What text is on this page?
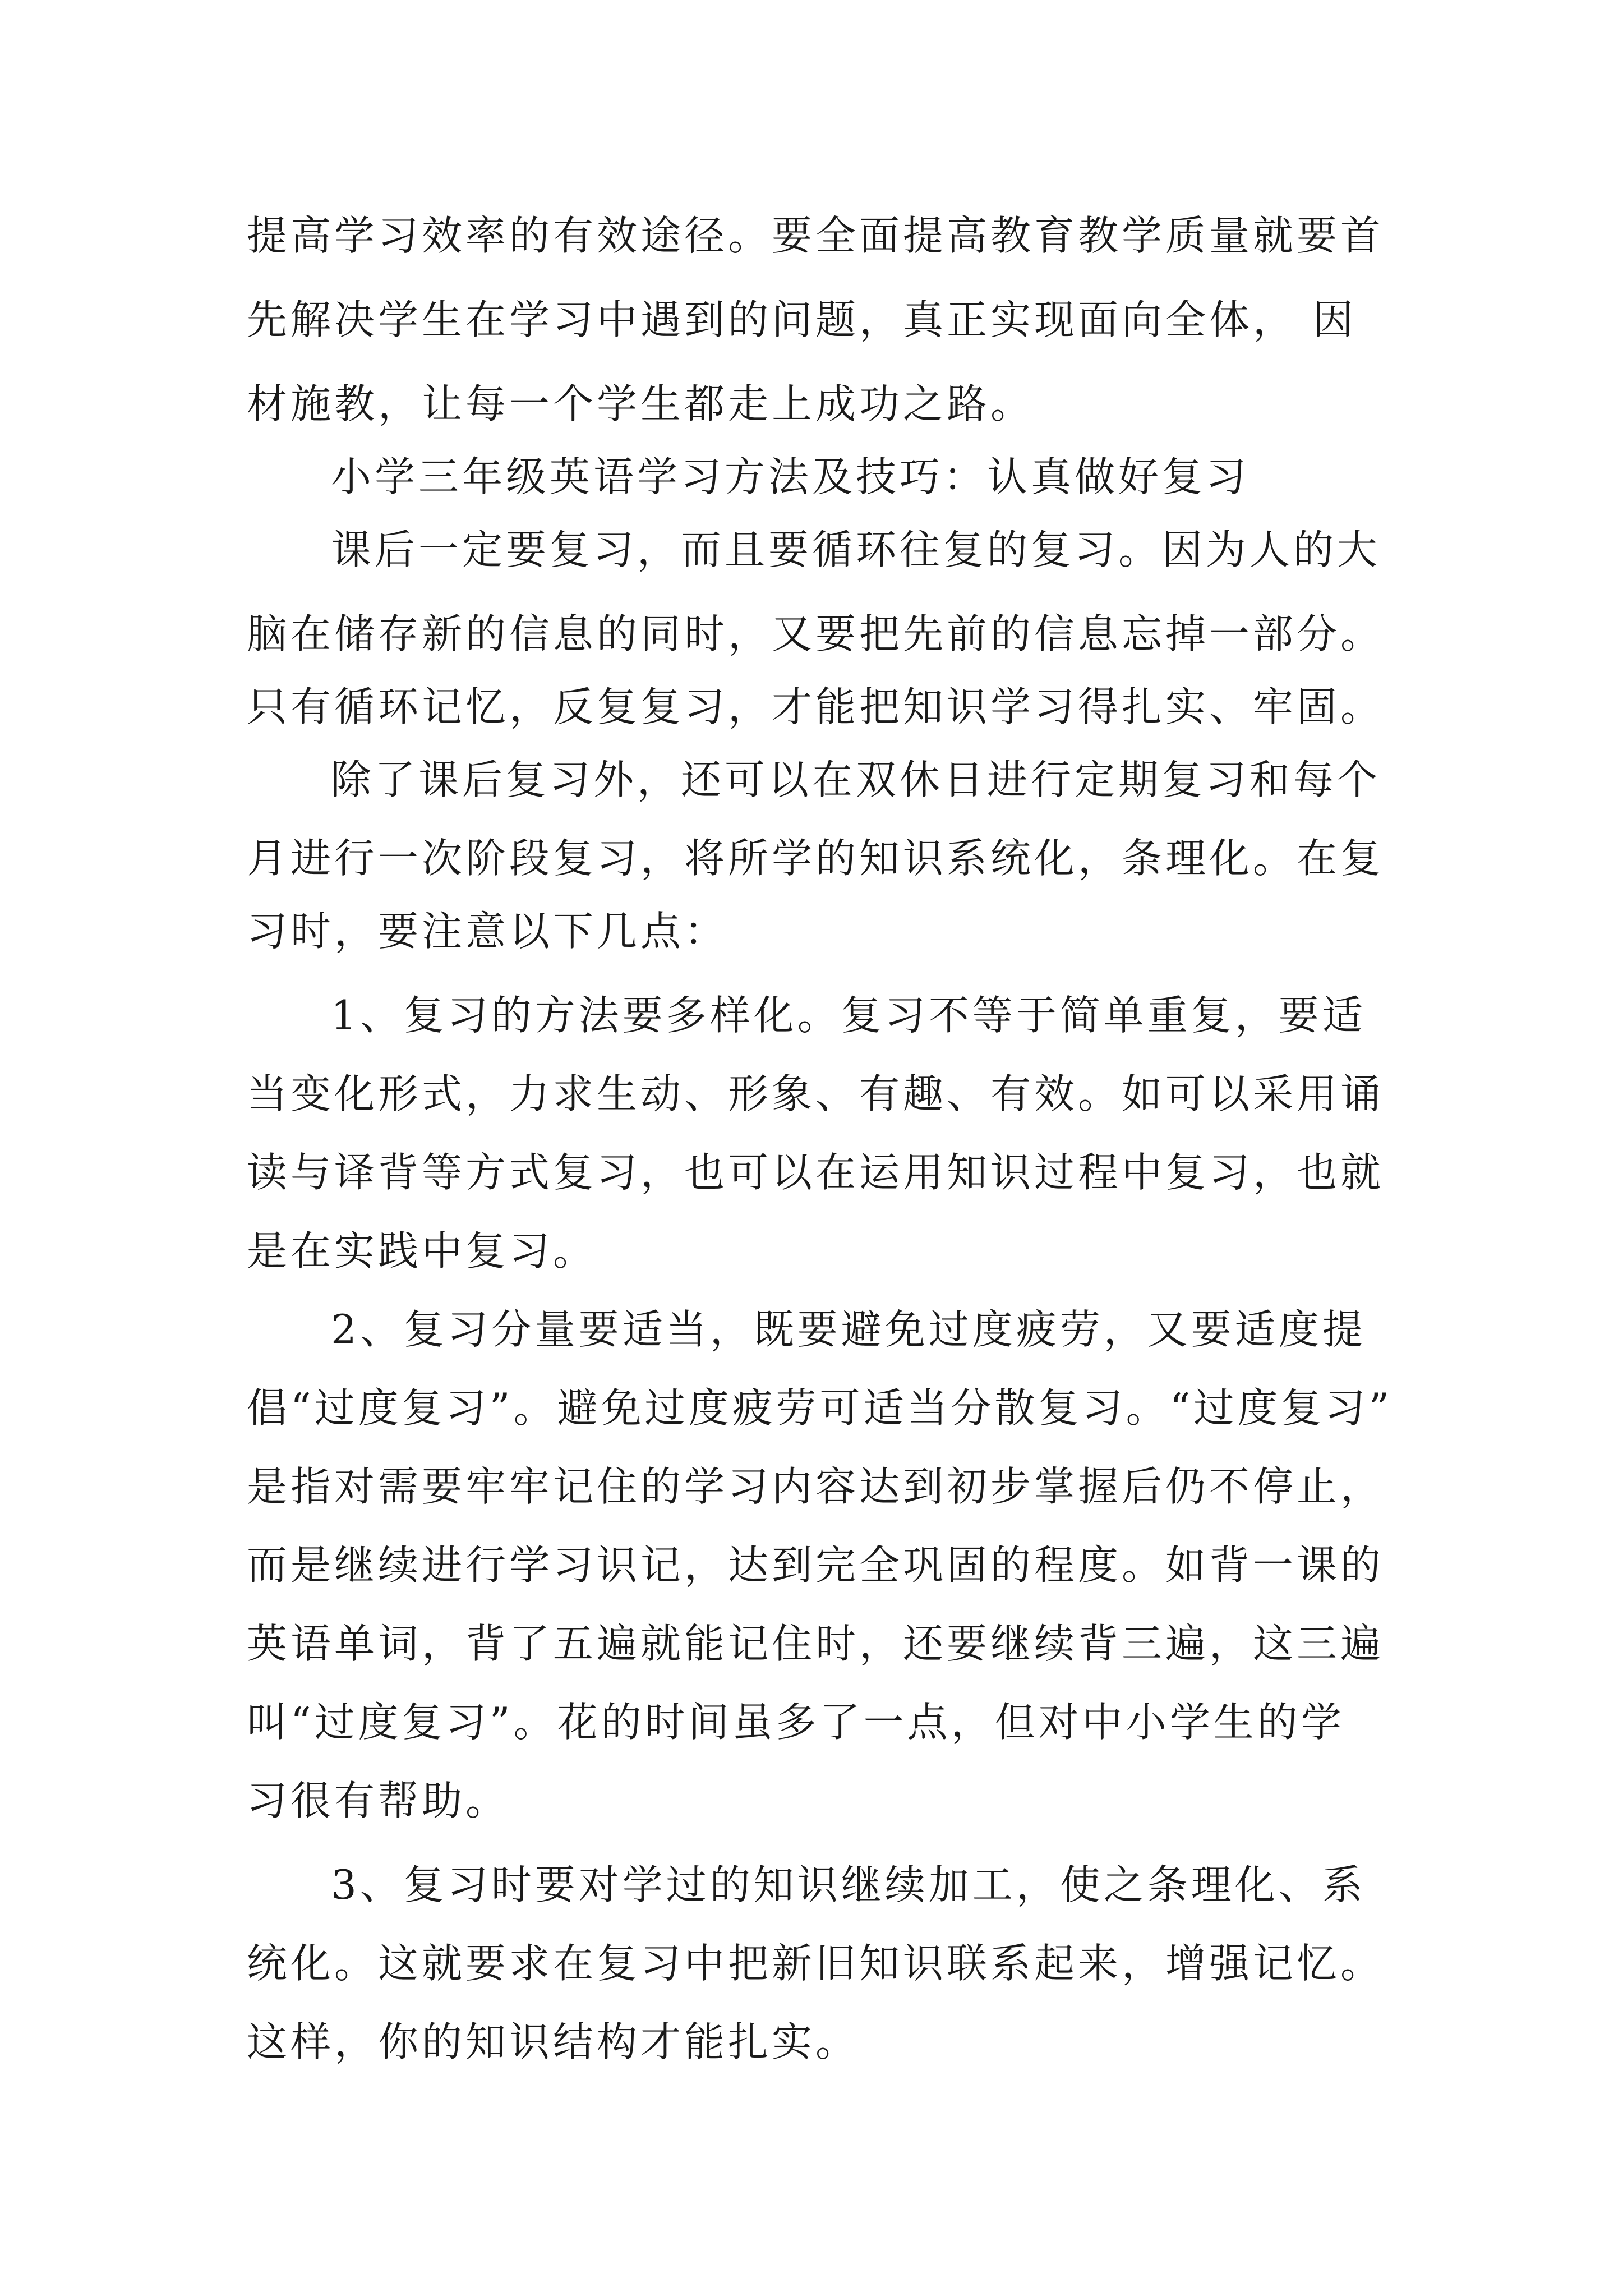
提高学习效率的有效途径。要全面提高教育教学质量就要首
先解决学生在学习中遇到的问题，真正实现面向全体， 因
材施教，让每一个学生都走上成功之路。
小学三年级英语学习方法及技巧：认真做好复习
课后一定要复习，而且要循环往复的复习。因为人的大
脑在储存新的信息的同时，又要把先前的信息忘掉一部分。
只有循环记忆，反复复习，才能把知识学习得扎实、牢固。
除了课后复习外，还可以在双休日进行定期复习和每个
月进行一次阶段复习，将所学的知识系统化，条理化。在复
习时，要注意以下几点：
1、复习的方法要多样化。复习不等于简单重复，要适
当变化形式，力求生动、形象、有趣、有效。如可以采用诵
读与译背等方式复习，也可以在运用知识过程中复习，也就
是在实践中复习。
2、复习分量要适当，既要避免过度疲劳，又要适度提
倡“过度复习”。避免过度疲劳可适当分散复习。“过度复习”
是指对需要牢牢记住的学习内容达到初步掌握后仍不停止，
而是继续进行学习识记，达到完全巩固的程度。如背一课的
英语单词，背了五遍就能记住时，还要继续背三遍，这三遍
叫“过度复习”。花的时间虽多了一点，但对中小学生的学
习很有帮助。
3、复习时要对学过的知识继续加工，使之条理化、系
统化。这就要求在复习中把新旧知识联系起来，增强记忆。
这样，你的知识结构才能扎实。
